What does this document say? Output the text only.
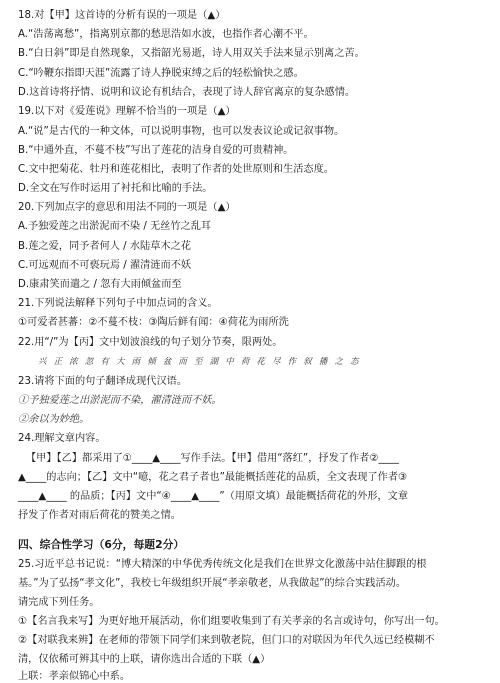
18.对【甲】这首诗的分析有误的一项是（▲）
A.“浩荡离愁”，指离别京都的愁思浩如水波，也指作者心潮不平。
B.“白日斜”即是自然现象，又指韶光易逝，诗人用双关手法来显示别离之苦。
C.“吟鞭东指即天涯”流露了诗人挣脱束缚之后的轻松愉快之感。
D.这首诗将抒情、说明和议论有机结合，表现了诗人辞官离京的复杂感情。
19.以下对《爱莲说》理解不恰当的一项是（▲）
A.“说”是古代的一种文体，可以说明事物，也可以发表议论或记叙事物。
B.“中通外直，不蔓不枝”写出了莲花的洁身自爱的可贵精神。
C.文中把菊花、牡丹和莲花相比，表明了作者的处世原则和生活态度。
D.全文在写作时运用了衬托和比喻的手法。
20.下列加点字的意思和用法不同的一项是（▲）
A.予独爱莲之出淤泥而不染 / 无丝竹之乱耳
B.莲之爱，同予者何人 / 水陆草木之花
C.可远观而不可亵玩焉 / 濯清涟而不妖
D.康肃笑而遣之 / 忽有大雨倾盆而至
21.下列说法解释下列句子中加点词的含义。
①可爱者甚蕃：②不蔓不枝：③陶后鲜有闻：④荷花为雨所洗
22.用“/”为【丙】文中划波浪线的句子划分节奏，限两处。
兴 正 浓 忽 有 大 雨 倾 盆 而 至 湖 中 荷 花 尽 作 叙 播 之 态
23.请将下面的句子翻译成现代汉语。
①予独爱莲之出淤泥而不染，濯清涟而不妖。
②余以为妙绝。
24.理解文章内容。
【甲】【乙】都采用了①____▲____写作手法。【甲】借用“落红”，抒发了作者②____
▲____的志向；【乙】文中“噫，花之君子者也”最能概括莲花的品质，全文表现了作者③
____▲____ 的品质；【丙】文中“④____▲____”（用原文填）最能概括荷花的外形，文章
抒发了作者对雨后荷花的赞美之情。
四、综合性学习（6分，每题2分）
25.习近平总书记说：“博大精深的中华优秀传统文化是我们在世界文化激荡中站住脚跟的根
基。”为了弘扬“孝文化”，我校七年级组织开展“孝亲敬老，从我做起”的综合实践活动。
请完成下列任务。
①【名言我来写】为更好地开展活动，你们组要收集到了有关孝亲的名言或诗句，你写出一句。
②【对联我来辨】在老师的带领下同学们来到敬老院，但门口的对联因为年代久远已经模糊不
清，仅依稀可辨其中的上联，请你选出合适的下联（▲）
上联：孝亲似锦心中系。
